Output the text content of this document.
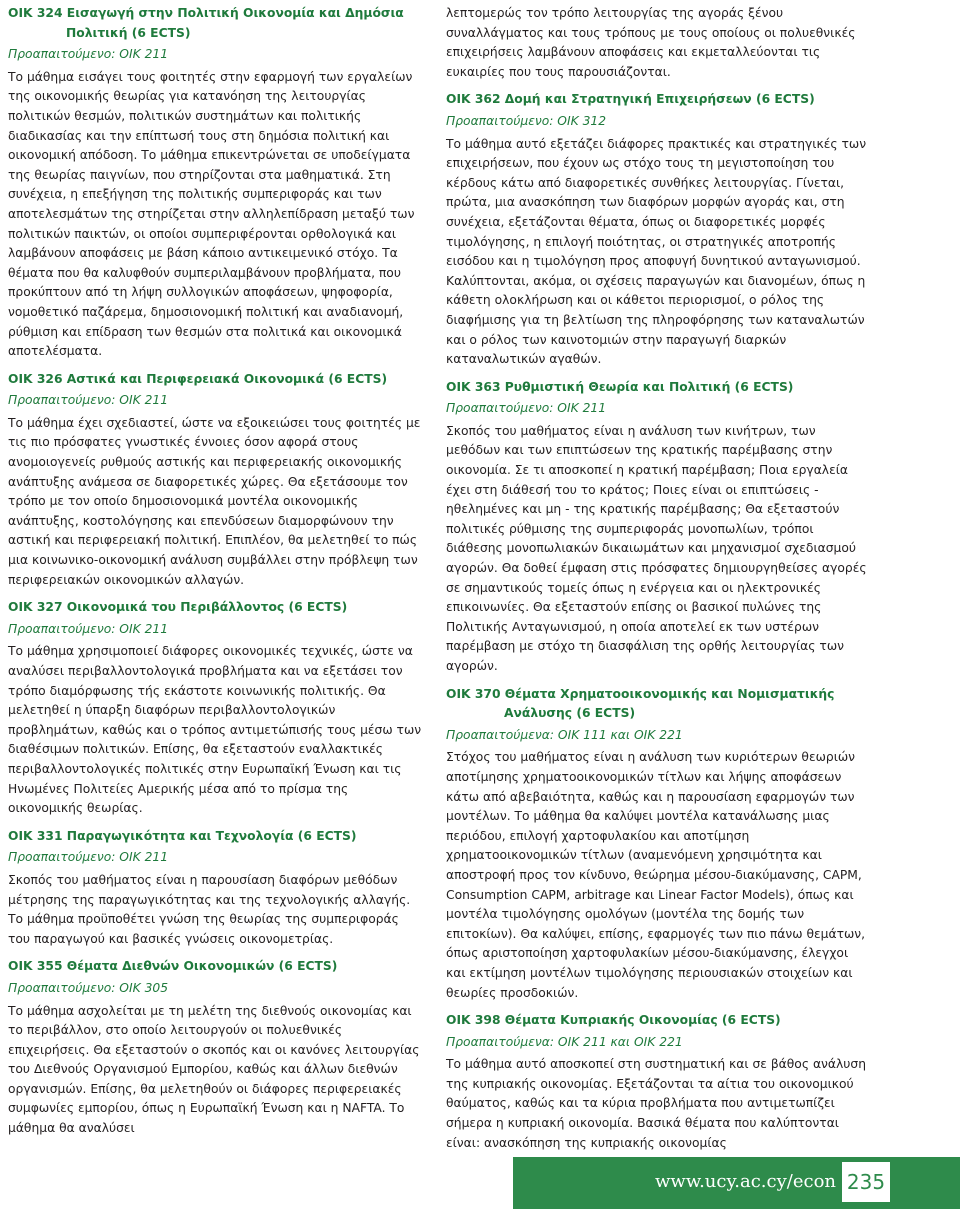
ΟΙΚ 324 Εισαγωγή στην Πολιτική Οικονομία και Δημόσια
Πολιτική (6 ECTS)
Προαπαιτούμενο: ΟΙΚ 211

Το μάθημα εισάγει τους φοιτητές στην εφαρμογή των εργαλείων της οικονομικής θεωρίας για κατανόηση της λειτουργίας πολιτικών θεσμών, πολιτικών συστημάτων και πολιτικής διαδικασίας και την επίπτωσή τους στη δημόσια πολιτική και οικονομική απόδοση. Το μάθημα επικεντρώνεται σε υποδείγματα της θεωρίας παιγνίων, που στηρίζονται στα μαθηματικά. Στη συνέχεια, η επεξήγηση της πολιτικής συμπεριφοράς και των αποτελεσμάτων της στηρίζεται στην αλληλεπίδραση μεταξύ των πολιτικών παικτών, οι οποίοι συμπεριφέρονται ορθολογικά και λαμβάνουν αποφάσεις με βάση κάποιο αντικειμενικό στόχο. Τα θέματα που θα καλυφθούν συμπεριλαμβάνουν προβλήματα, που προκύπτουν από τη λήψη συλλογικών αποφάσεων, ψηφοφορία, νομοθετικό παζάρεμα, δημοσιονομική πολιτική και αναδιανομή, ρύθμιση και επίδραση των θεσμών στα πολιτικά και οικονομικά αποτελέσματα.

ΟΙΚ 326 Αστικά και Περιφερειακά Οικονομικά (6 ECTS)
Προαπαιτούμενο: ΟΙΚ 211

Το μάθημα έχει σχεδιαστεί, ώστε να εξοικειώσει τους φοιτητές με τις πιο πρόσφατες γνωστικές έννοιες όσον αφορά στους ανομοιογενείς ρυθμούς αστικής και περιφερειακής οικονομικής ανάπτυξης ανάμεσα σε διαφορετικές χώρες. Θα εξετάσουμε τον τρόπο με τον οποίο δημοσιονομικά μοντέλα οικονομικής ανάπτυξης, κοστολόγησης και επενδύσεων διαμορφώνουν την αστική και περιφερειακή πολιτική. Επιπλέον, θα μελετηθεί το πώς μια κοινωνικο-οικονομική ανάλυση συμβάλλει στην πρόβλεψη των περιφερειακών οικονομικών αλλαγών.

ΟΙΚ 327 Οικονομικά του Περιβάλλοντος (6 ECTS)
Προαπαιτούμενο: ΟΙΚ 211

Το μάθημα χρησιμοποιεί διάφορες οικονομικές τεχνικές, ώστε να αναλύσει περιβαλλοντολογικά προβλήματα και να εξετάσει τον τρόπο διαμόρφωσης τής εκάστοτε κοινωνικής πολιτικής. Θα μελετηθεί η ύπαρξη διαφόρων περιβαλλοντολογικών προβλημάτων, καθώς και ο τρόπος αντιμετώπισής τους μέσω των διαθέσιμων πολιτικών. Επίσης, θα εξεταστούν εναλλακτικές περιβαλλοντολογικές πολιτικές στην Ευρωπαϊκή Ένωση και τις Ηνωμένες Πολιτείες Αμερικής μέσα από το πρίσμα της οικονομικής θεωρίας.

ΟΙΚ 331 Παραγωγικότητα και Τεχνολογία (6 ECTS)
Προαπαιτούμενο: ΟΙΚ 211

Σκοπός του μαθήματος είναι η παρουσίαση διαφόρων μεθόδων μέτρησης της παραγωγικότητας και της τεχνολογικής αλλαγής. Το μάθημα προϋποθέτει γνώση της θεωρίας της συμπεριφοράς του παραγωγού και βασικές γνώσεις οικονομετρίας.

ΟΙΚ 355 Θέματα Διεθνών Οικονομικών (6 ECTS)
Προαπαιτούμενο: ΟΙΚ 305

Το μάθημα ασχολείται με τη μελέτη της διεθνούς οικονομίας και το περιβάλλον, στο οποίο λειτουργούν οι πολυεθνικές επιχειρήσεις. Θα εξεταστούν ο σκοπός και οι κανόνες λειτουργίας του Διεθνούς Οργανισμού Εμπορίου, καθώς και άλλων διεθνών οργανισμών. Επίσης, θα μελετηθούν οι διάφορες περιφερειακές συμφωνίες εμπορίου, όπως η Ευρωπαϊκή Ένωση και η NAFTA. Το μάθημα θα αναλύσει

λεπτομερώς τον τρόπο λειτουργίας της αγοράς ξένου συναλλάγματος και τους τρόπους με τους οποίους οι πολυεθνικές επιχειρήσεις λαμβάνουν αποφάσεις και εκμεταλλεύονται τις ευκαιρίες που τους παρουσιάζονται.

ΟΙΚ 362 Δομή και Στρατηγική Επιχειρήσεων (6 ECTS)
Προαπαιτούμενο: ΟΙΚ 312

Το μάθημα αυτό εξετάζει διάφορες πρακτικές και στρατηγικές των επιχειρήσεων, που έχουν ως στόχο τους τη μεγιστοποίηση του κέρδους κάτω από διαφορετικές συνθήκες λειτουργίας. Γίνεται, πρώτα, μια ανασκόπηση των διαφόρων μορφών αγοράς και, στη συνέχεια, εξετάζονται θέματα, όπως οι διαφορετικές μορφές τιμολόγησης, η επιλογή ποιότητας, οι στρατηγικές αποτροπής εισόδου και η τιμολόγηση προς αποφυγή δυνητικού ανταγωνισμού. Καλύπτονται, ακόμα, οι σχέσεις παραγωγών και διανομέων, όπως η κάθετη ολοκλήρωση και οι κάθετοι περιορισμοί, ο ρόλος της διαφήμισης για τη βελτίωση της πληροφόρησης των καταναλωτών και ο ρόλος των καινοτομιών στην παραγωγή διαρκών καταναλωτικών αγαθών.

ΟΙΚ 363 Ρυθμιστική Θεωρία και Πολιτική (6 ECTS)
Προαπαιτούμενο: ΟΙΚ 211

Σκοπός του μαθήματος είναι η ανάλυση των κινήτρων, των μεθόδων και των επιπτώσεων της κρατικής παρέμβασης στην οικονομία. Σε τι αποσκοπεί η κρατική παρέμβαση; Ποια εργαλεία έχει στη διάθεσή του το κράτος; Ποιες είναι οι επιπτώσεις - ηθελημένες και μη - της κρατικής παρέμβασης; Θα εξεταστούν πολιτικές ρύθμισης της συμπεριφοράς μονοπωλίων, τρόποι διάθεσης μονοπωλιακών δικαιωμάτων και μηχανισμοί σχεδιασμού αγορών. Θα δοθεί έμφαση στις πρόσφατες δημιουργηθείσες αγορές σε σημαντικούς τομείς όπως η ενέργεια και οι ηλεκτρονικές επικοινωνίες. Θα εξεταστούν επίσης οι βασικοί πυλώνες της Πολιτικής Ανταγωνισμού, η οποία αποτελεί εκ των υστέρων παρέμβαση με στόχο τη διασφάλιση της ορθής λειτουργίας των αγορών.

ΟΙΚ 370 Θέματα Χρηματοοικονομικής και Νομισματικής
Ανάλυσης (6 ECTS)
Προαπαιτούμενα: ΟΙΚ 111 και ΟΙΚ 221

Στόχος του μαθήματος είναι η ανάλυση των κυριότερων θεωριών αποτίμησης χρηματοοικονομικών τίτλων και λήψης αποφάσεων κάτω από αβεβαιότητα, καθώς και η παρουσίαση εφαρμογών των μοντέλων. Το μάθημα θα καλύψει μοντέλα κατανάλωσης μιας περιόδου, επιλογή χαρτοφυλακίου και αποτίμηση χρηματοοικονομικών τίτλων (αναμενόμενη χρησιμότητα και αποστροφή προς τον κίνδυνο, θεώρημα μέσου-διακύμανσης, CAPM, Consumption CAPM, arbitrage και Linear Factor Models), όπως και μοντέλα τιμολόγησης ομολόγων (μοντέλα της δομής των επιτοκίων). Θα καλύψει, επίσης, εφαρμογές των πιο πάνω θεμάτων, όπως αριστοποίηση χαρτοφυλακίων μέσου-διακύμανσης, έλεγχοι και εκτίμηση μοντέλων τιμολόγησης περιουσιακών στοιχείων και θεωρίες προσδοκιών.

ΟΙΚ 398 Θέματα Κυπριακής Οικονομίας (6 ECTS)
Προαπαιτούμενα: ΟΙΚ 211 και ΟΙΚ 221

Το μάθημα αυτό αποσκοπεί στη συστηματική και σε βάθος ανάλυση της κυπριακής οικονομίας. Εξετάζονται τα αίτια του οικονομικού θαύματος, καθώς και τα κύρια προβλήματα που αντιμετωπίζει σήμερα η κυπριακή οικονομία. Βασικά θέματα που καλύπτονται είναι: ανασκόπηση της κυπριακής οικονομίας

www.ucy.ac.cy/econ 235
